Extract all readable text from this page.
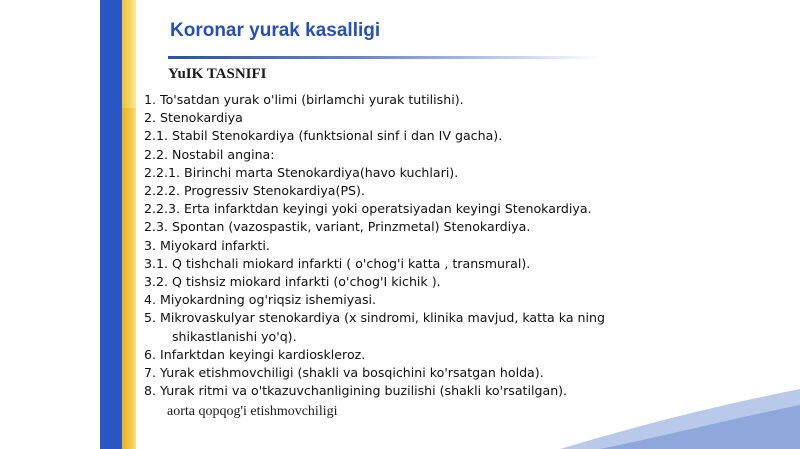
Koronar yurak kasalligi
YuIK TASNIFI
1. To'satdan yurak o'limi (birlamchi yurak tutilishi).
2. Stenokardiya
2.1. Stabil Stenokardiya (funktsional sinf i dan IV gacha).
2.2. Nostabil angina:
2.2.1. Birinchi marta Stenokardiya(havo kuchlari).
2.2.2. Progressiv Stenokardiya(PS).
2.2.3. Erta infarktdan keyingi yoki operatsiyadan keyingi Stenokardiya.
2.3. Spontan (vazospastik, variant, Prinzmetal) Stenokardiya.
3. Miyokard infarkti.
3.1. Q tishchali miokard infarkti ( o'chog'i katta , transmural).
3.2. Q tishsiz miokard infarkti (o'chog'I kichik ).
4. Miyokardning og'riqsiz ishemiyasi.
5. Mikrovaskulyar stenokardiya (x sindromi, klinika mavjud, katta ka ning
shikastlanishi yo'q).
6. Infarktdan keyingi kardioskleroz.
7. Yurak etishmovchiligi (shakli va bosqichini ko'rsatgan holda).
8. Yurak ritmi va o'tkazuvchanligining buzilishi (shakli ko'rsatilgan).
aorta qopqog'i etishmovchiligi
